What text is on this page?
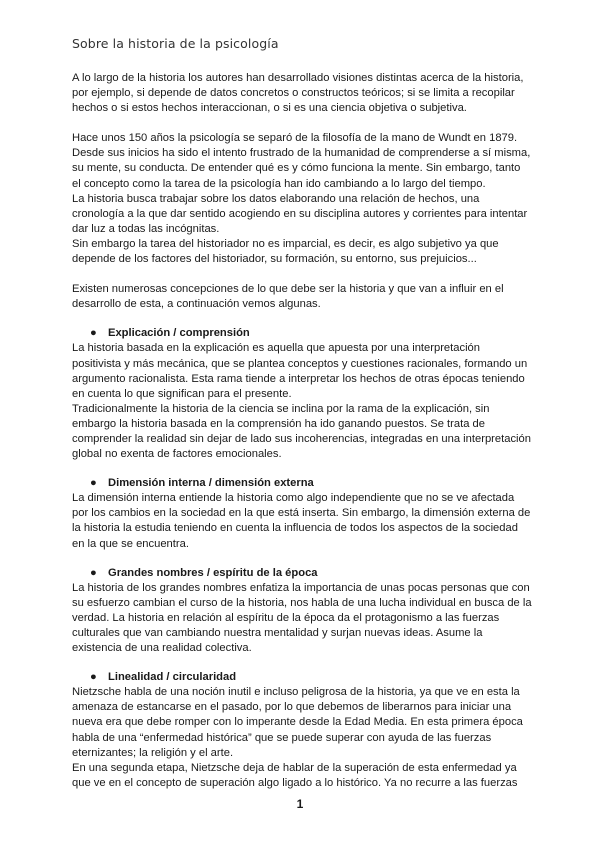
Sobre la historia de la psicología

A lo largo de la historia los autores han desarrollado visiones distintas acerca de la historia, por ejemplo, si depende de datos concretos o constructos teóricos; si se limita a recopilar hechos o si estos hechos interaccionan, o si es una ciencia objetiva o subjetiva.

Hace unos 150 años la psicología se separó de la filosofía de la mano de Wundt en 1879. Desde sus inicios ha sido el intento frustrado de la humanidad de comprenderse a sí misma, su mente, su conducta. De entender qué es y cómo funciona la mente. Sin embargo, tanto el concepto como la tarea de la psicología han ido cambiando a lo largo del tiempo.

La historia busca trabajar sobre los datos elaborando una relación de hechos, una cronología a la que dar sentido acogiendo en su disciplina autores y corrientes para intentar dar luz a todas las incógnitas.

Sin embargo la tarea del historiador no es imparcial, es decir, es algo subjetivo ya que depende de los factores del historiador, su formación, su entorno, sus prejuicios...

Existen numerosas concepciones de lo que debe ser la historia y que van a influir en el desarrollo de esta, a continuación vemos algunas.

● Explicación / comprensión

La historia basada en la explicación es aquella que apuesta por una interpretación positivista y más mecánica, que se plantea conceptos y cuestiones racionales, formando un argumento racionalista. Esta rama tiende a interpretar los hechos de otras épocas teniendo en cuenta lo que significan para el presente.

Tradicionalmente la historia de la ciencia se inclina por la rama de la explicación, sin embargo la historia basada en la comprensión ha ido ganando puestos. Se trata de comprender la realidad sin dejar de lado sus incoherencias, integradas en una interpretación global no exenta de factores emocionales.

● Dimensión interna / dimensión externa

La dimensión interna entiende la historia como algo independiente que no se ve afectada por los cambios en la sociedad en la que está inserta. Sin embargo, la dimensión externa de la historia la estudia teniendo en cuenta la influencia de todos los aspectos de la sociedad en la que se encuentra.

● Grandes nombres / espíritu de la época

La historia de los grandes nombres enfatiza la importancia de unas pocas personas que con su esfuerzo cambian el curso de la historia, nos habla de una lucha individual en busca de la verdad. La historia en relación al espíritu de la época da el protagonismo a las fuerzas culturales que van cambiando nuestra mentalidad y surjan nuevas ideas. Asume la existencia de una realidad colectiva.

● Linealidad / circularidad

Nietzsche habla de una noción inutil e incluso peligrosa de la historia, ya que ve en esta la amenaza de estancarse en el pasado, por lo que debemos de liberarnos para iniciar una nueva era que debe romper con lo imperante desde la Edad Media. En esta primera época habla de una “enfermedad histórica” que se puede superar con ayuda de las fuerzas eternizantes; la religión y el arte.

En una segunda etapa, Nietzsche deja de hablar de la superación de esta enfermedad ya que ve en el concepto de superación algo ligado a lo histórico. Ya no recurre a las fuerzas

1
